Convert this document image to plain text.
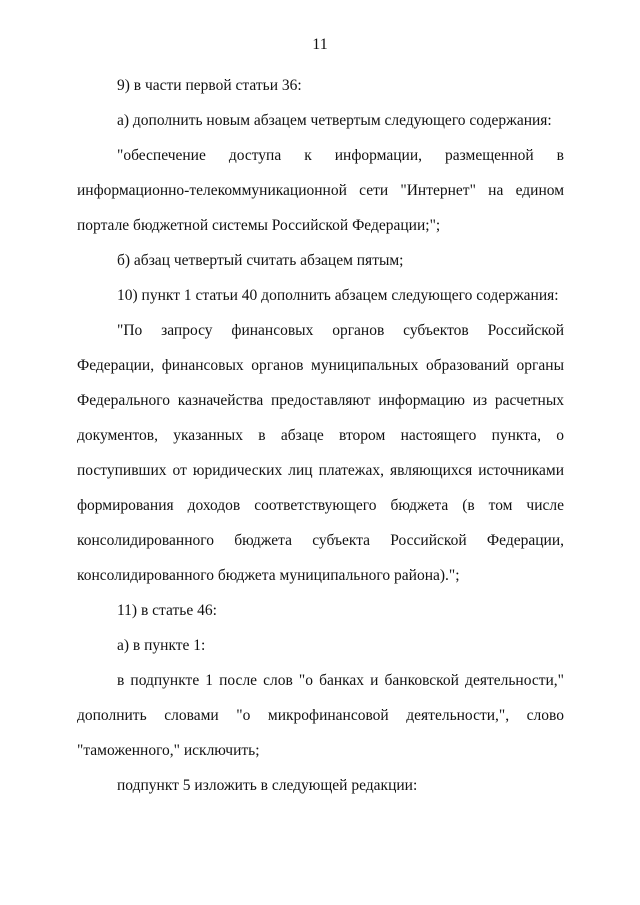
11

9) в части первой статьи 36:

а) дополнить новым абзацем четвертым следующего содержания:

"обеспечение доступа к информации, размещенной в информационно-телекоммуникационной сети "Интернет" на едином портале бюджетной системы Российской Федерации;";

б) абзац четвертый считать абзацем пятым;

10) пункт 1 статьи 40 дополнить абзацем следующего содержания:

"По запросу финансовых органов субъектов Российской Федерации, финансовых органов муниципальных образований органы Федерального казначейства предоставляют информацию из расчетных документов, указанных в абзаце втором настоящего пункта, о поступивших от юридических лиц платежах, являющихся источниками формирования доходов соответствующего бюджета (в том числе консолидированного бюджета субъекта Российской Федерации, консолидированного бюджета муниципального района).";

11) в статье 46:

а) в пункте 1:

в подпункте 1 после слов "о банках и банковской деятельности," дополнить словами "о микрофинансовой деятельности,", слово "таможенного," исключить;

подпункт 5 изложить в следующей редакции:
